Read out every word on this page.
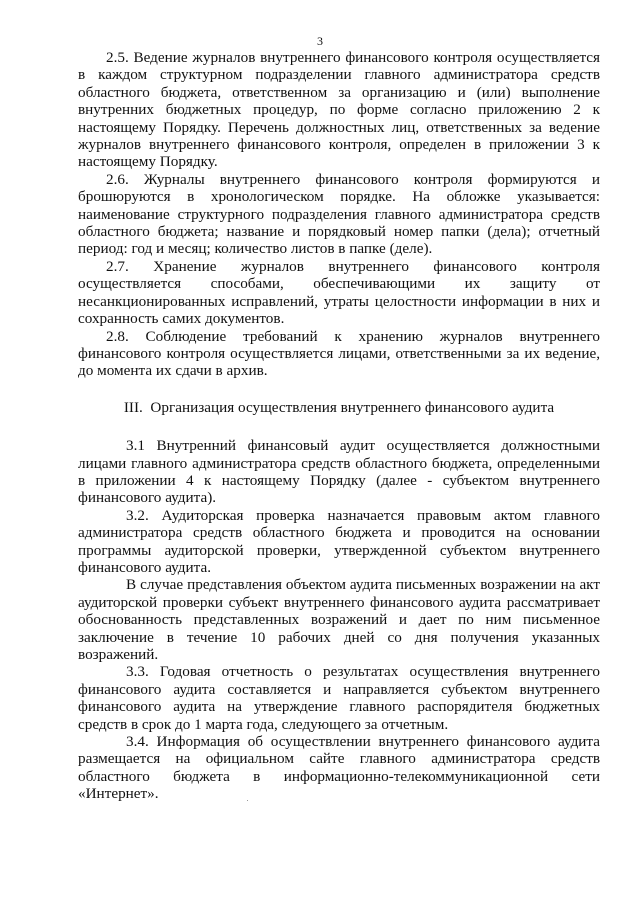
3

2.5. Ведение журналов внутреннего финансового контроля осуществляется в каждом структурном подразделении главного администратора средств областного бюджета, ответственном за организацию и (или) выполнение внутренних бюджетных процедур, по форме согласно приложению 2 к настоящему Порядку. Перечень должностных лиц, ответственных за ведение журналов внутреннего финансового контроля, определен в приложении 3 к настоящему Порядку.

2.6. Журналы внутреннего финансового контроля формируются и брошюруются в хронологическом порядке. На обложке указывается: наименование структурного подразделения главного администратора средств областного бюджета; название и порядковый номер папки (дела); отчетный период: год и месяц; количество листов в папке (деле).

2.7. Хранение журналов внутреннего финансового контроля осуществляется способами, обеспечивающими их защиту от несанкционированных исправлений, утраты целостности информации в них и сохранность самих документов.

2.8. Соблюдение требований к хранению журналов внутреннего финансового контроля осуществляется лицами, ответственными за их ведение, до момента их сдачи в архив.

III.  Организация осуществления внутреннего финансового аудита

3.1 Внутренний финансовый аудит осуществляется должностными лицами главного администратора средств областного бюджета, определенными в приложении 4 к настоящему Порядку (далее - субъектом внутреннего финансового аудита).

3.2. Аудиторская проверка назначается правовым актом главного администратора средств областного бюджета и проводится на основании программы аудиторской проверки, утвержденной субъектом внутреннего финансового аудита.

В случае представления объектом аудита письменных возражении на акт аудиторской проверки субъект внутреннего финансового аудита рассматривает обоснованность представленных возражений и дает по ним письменное заключение в течение 10 рабочих дней со дня получения указанных возражений.

3.3. Годовая отчетность о результатах осуществления внутреннего финансового аудита составляется и направляется субъектом внутреннего финансового аудита на утверждение главного распорядителя бюджетных средств в срок до 1 марта года, следующего за отчетным.

3.4. Информация об осуществлении внутреннего финансового аудита размещается на официальном сайте главного администратора средств областного бюджета в информационно-телекоммуникационной сети «Интернет».
